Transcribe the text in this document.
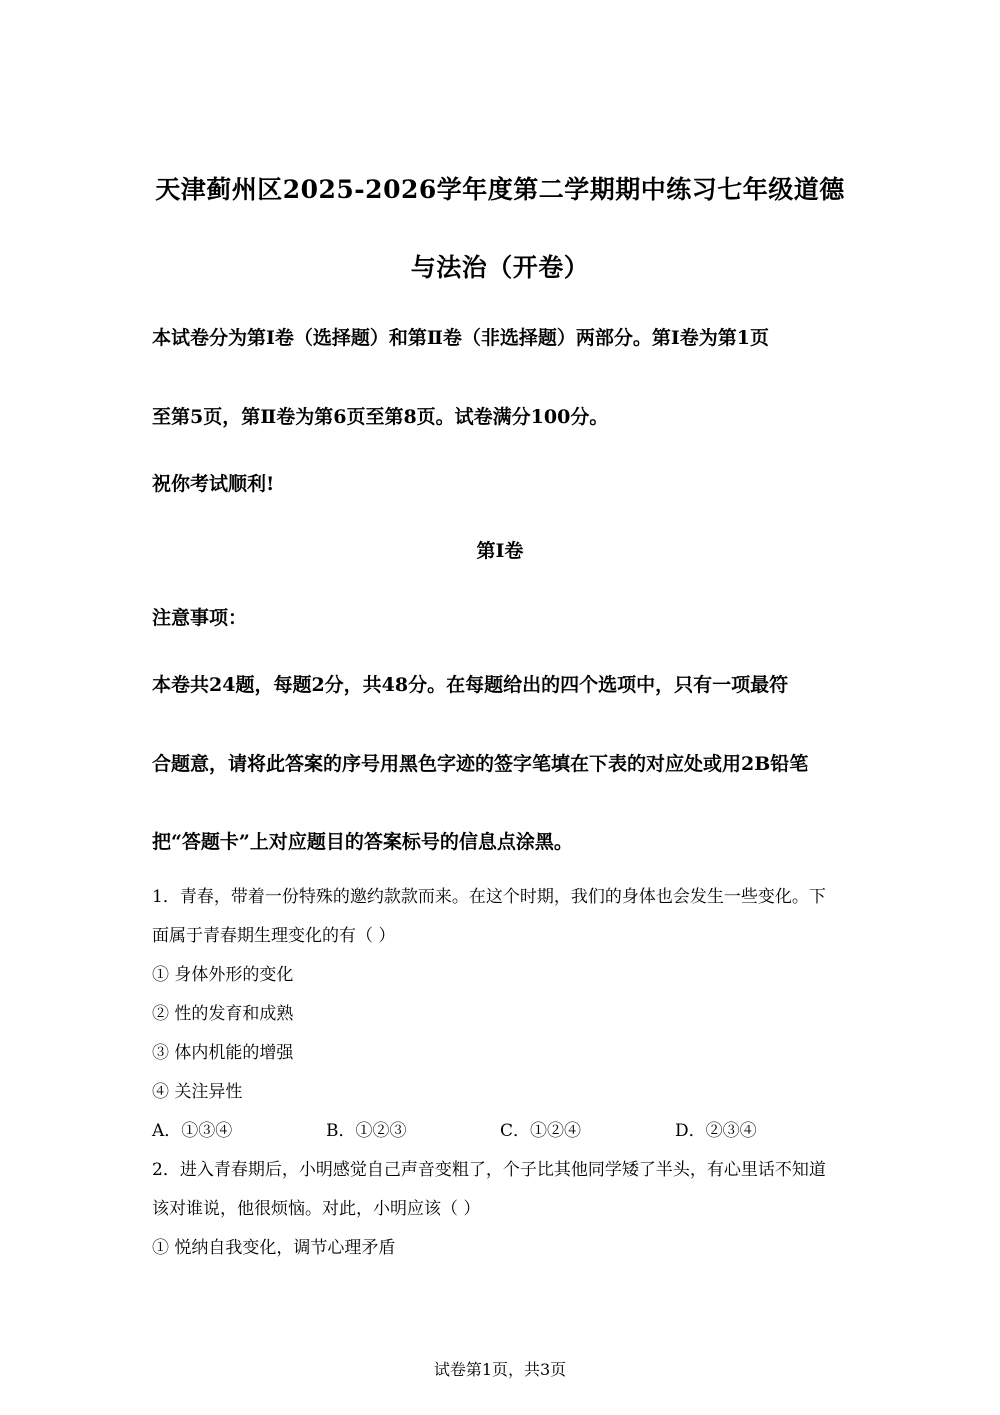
天津蓟州区2025-2026学年度第二学期期中练习七年级道德
与法治（开卷）
本试卷分为第Ⅰ卷（选择题）和第Ⅱ卷（非选择题）两部分。第Ⅰ卷为第1页
至第5页，第Ⅱ卷为第6页至第8页。试卷满分100分。
祝你考试顺利!
第Ⅰ卷
注意事项：
本卷共24题，每题2分，共48分。在每题给出的四个选项中，只有一项最符
合题意，请将此答案的序号用黑色字迹的签字笔填在下表的对应处或用2B铅笔
把“答题卡”上对应题目的答案标号的信息点涂黑。
1．青春，带着一份特殊的邀约款款而来。在这个时期，我们的身体也会发生一些变化。下
面属于青春期生理变化的有（ ）
① 身体外形的变化
② 性的发育和成熟
③ 体内机能的增强
④ 关注异性
A．①③④	B．①②③	C．①②④	D．②③④
2．进入青春期后，小明感觉自己声音变粗了，个子比其他同学矮了半头，有心里话不知道
该对谁说，他很烦恼。对此，小明应该（ ）
① 悦纳自我变化，调节心理矛盾
试卷第1页，共3页
